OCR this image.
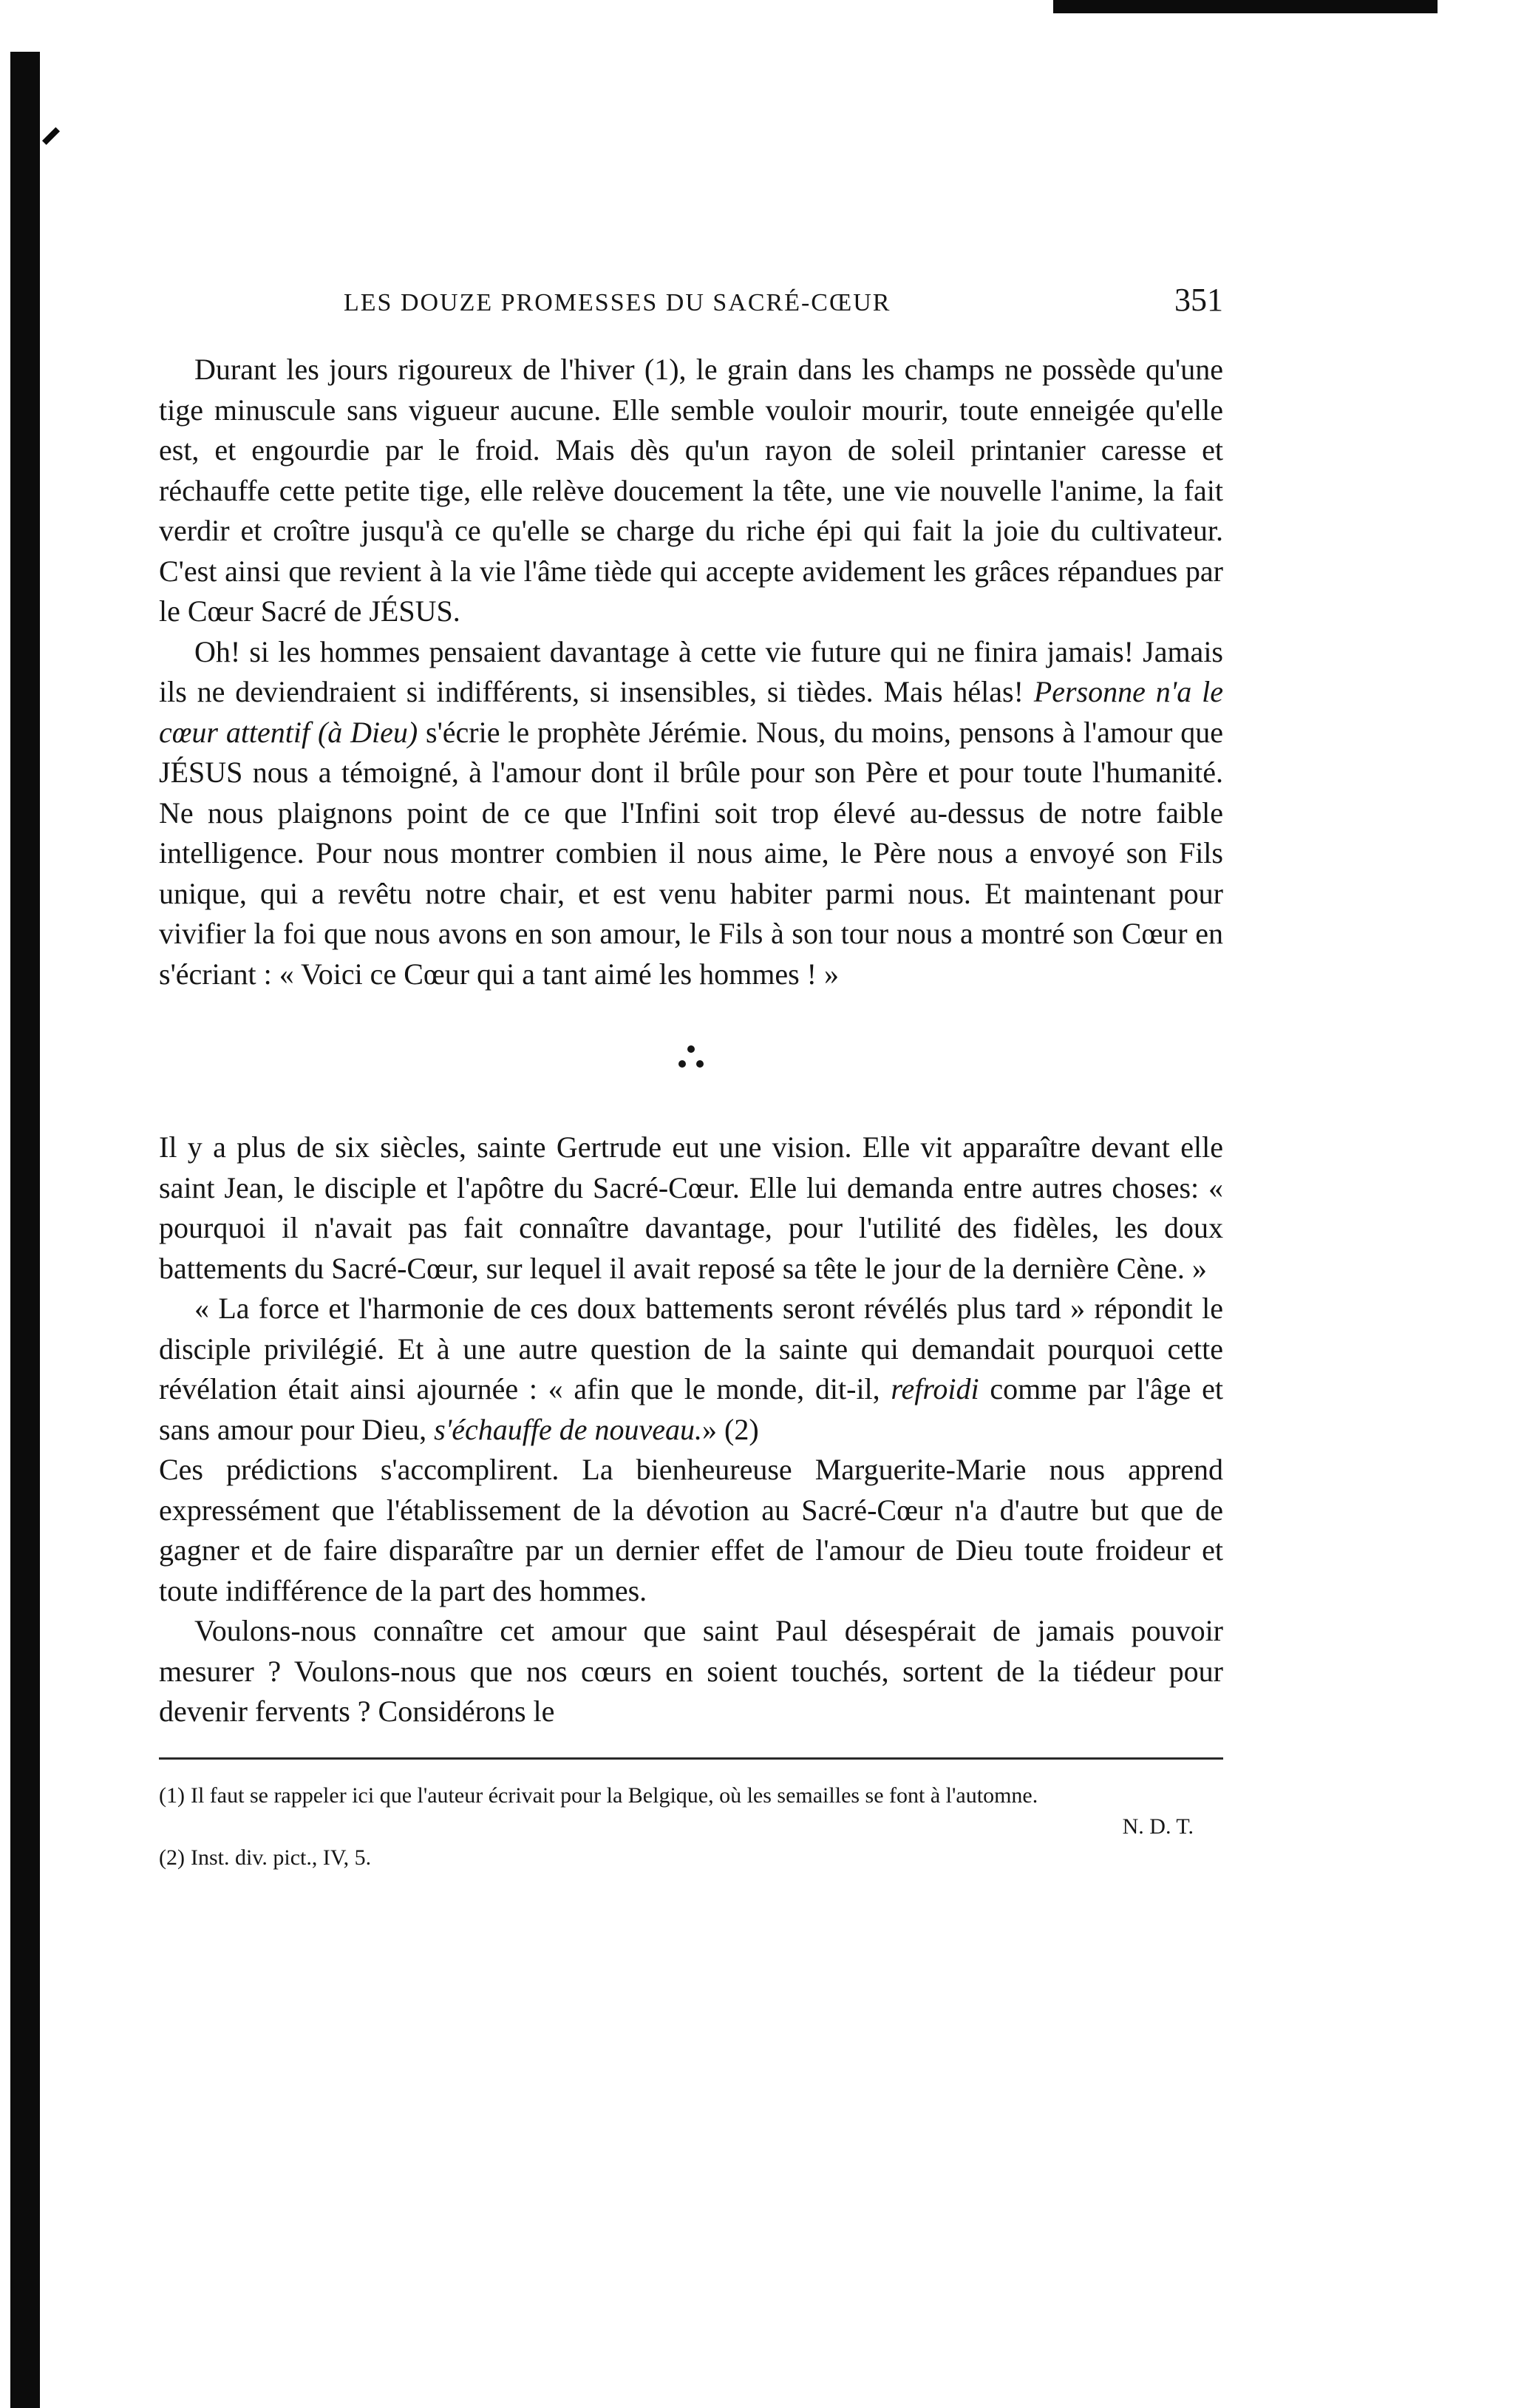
LES DOUZE PROMESSES DU SACRÉ-CŒUR	351

Durant les jours rigoureux de l'hiver (1), le grain dans les champs ne possède qu'une tige minuscule sans vigueur aucune. Elle semble vouloir mourir, toute enneigée qu'elle est, et engourdie par le froid. Mais dès qu'un rayon de soleil printanier caresse et réchauffe cette petite tige, elle relève doucement la tête, une vie nouvelle l'anime, la fait verdir et croître jusqu'à ce qu'elle se charge du riche épi qui fait la joie du cultivateur. C'est ainsi que revient à la vie l'âme tiède qui accepte avidement les grâces répandues par le Cœur Sacré de JÉSUS.

Oh! si les hommes pensaient davantage à cette vie future qui ne finira jamais! Jamais ils ne deviendraient si indifférents, si insensibles, si tièdes. Mais hélas! Personne n'a le cœur attentif (à Dieu) s'écrie le prophète Jérémie. Nous, du moins, pensons à l'amour que JÉSUS nous a témoigné, à l'amour dont il brûle pour son Père et pour toute l'humanité. Ne nous plaignons point de ce que l'Infini soit trop élevé au-dessus de notre faible intelligence. Pour nous montrer combien il nous aime, le Père nous a envoyé son Fils unique, qui a revêtu notre chair, et est venu habiter parmi nous. Et maintenant pour vivifier la foi que nous avons en son amour, le Fils à son tour nous a montré son Cœur en s'écriant : « Voici ce Cœur qui a tant aimé les hommes ! »

Il y a plus de six siècles, sainte Gertrude eut une vision. Elle vit apparaître devant elle saint Jean, le disciple et l'apôtre du Sacré-Cœur. Elle lui demanda entre autres choses: « pourquoi il n'avait pas fait connaître davantage, pour l'utilité des fidèles, les doux battements du Sacré-Cœur, sur lequel il avait reposé sa tête le jour de la dernière Cène. »

« La force et l'harmonie de ces doux battements seront révélés plus tard » répondit le disciple privilégié. Et à une autre question de la sainte qui demandait pourquoi cette révélation était ainsi ajournée : « afin que le monde, dit-il, refroidi comme par l'âge et sans amour pour Dieu, s'échauffe de nouveau.» (2)

Ces prédictions s'accomplirent. La bienheureuse Marguerite-Marie nous apprend expressément que l'établissement de la dévotion au Sacré-Cœur n'a d'autre but que de gagner et de faire disparaître par un dernier effet de l'amour de Dieu toute froideur et toute indifférence de la part des hommes.

Voulons-nous connaître cet amour que saint Paul désespérait de jamais pouvoir mesurer ? Voulons-nous que nos cœurs en soient touchés, sortent de la tiédeur pour devenir fervents ? Considérons le

(1) Il faut se rappeler ici que l'auteur écrivait pour la Belgique, où les semailles se font à l'automne.
N. D. T.
(2) Inst. div. pict., IV, 5.
